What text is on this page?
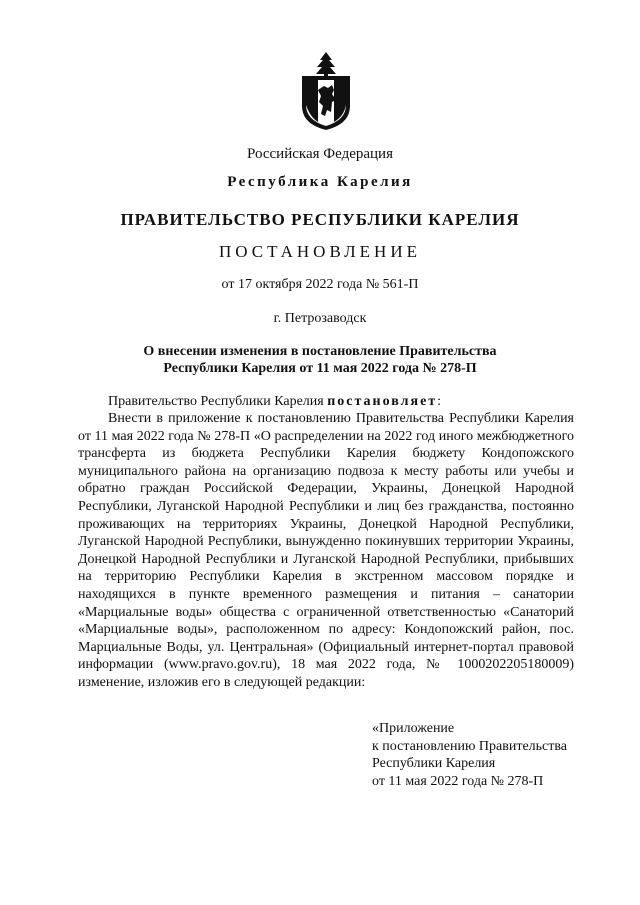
Российская Федерация
Республика Карелия
ПРАВИТЕЛЬСТВО РЕСПУБЛИКИ КАРЕЛИЯ
ПОСТАНОВЛЕНИЕ
от 17 октября 2022 года № 561-П
г. Петрозаводск
О внесении изменения в постановление Правительства
Республики Карелия от 11 мая 2022 года № 278-П
Правительство Республики Карелия постановляет:
Внести в приложение к постановлению Правительства Республики Карелия от 11 мая 2022 года № 278-П «О распределении на 2022 год иного межбюджетного трансферта из бюджета Республики Карелия бюджету Кондопожского муниципального района на организацию подвоза к месту работы или учебы и обратно граждан Российской Федерации, Украины, Донецкой Народной Республики, Луганской Народной Республики и лиц без гражданства, постоянно проживающих на территориях Украины, Донецкой Народной Республики, Луганской Народной Республики, вынужденно покинувших территории Украины, Донецкой Народной Республики и Луганской Народной Республики, прибывших на территорию Республики Карелия в экстренном массовом порядке и находящихся в пункте временного размещения и питания – санатории «Марциальные воды» общества с ограниченной ответственностью «Санаторий «Марциальные воды», расположенном по адресу: Кондопожский район, пос. Марциальные Воды, ул. Центральная» (Официальный интернет-портал правовой информации (www.pravo.gov.ru), 18 мая 2022 года, № 1000202205180009) изменение, изложив его в следующей редакции:
«Приложение
к постановлению Правительства
Республики Карелия
от 11 мая 2022 года № 278-П
